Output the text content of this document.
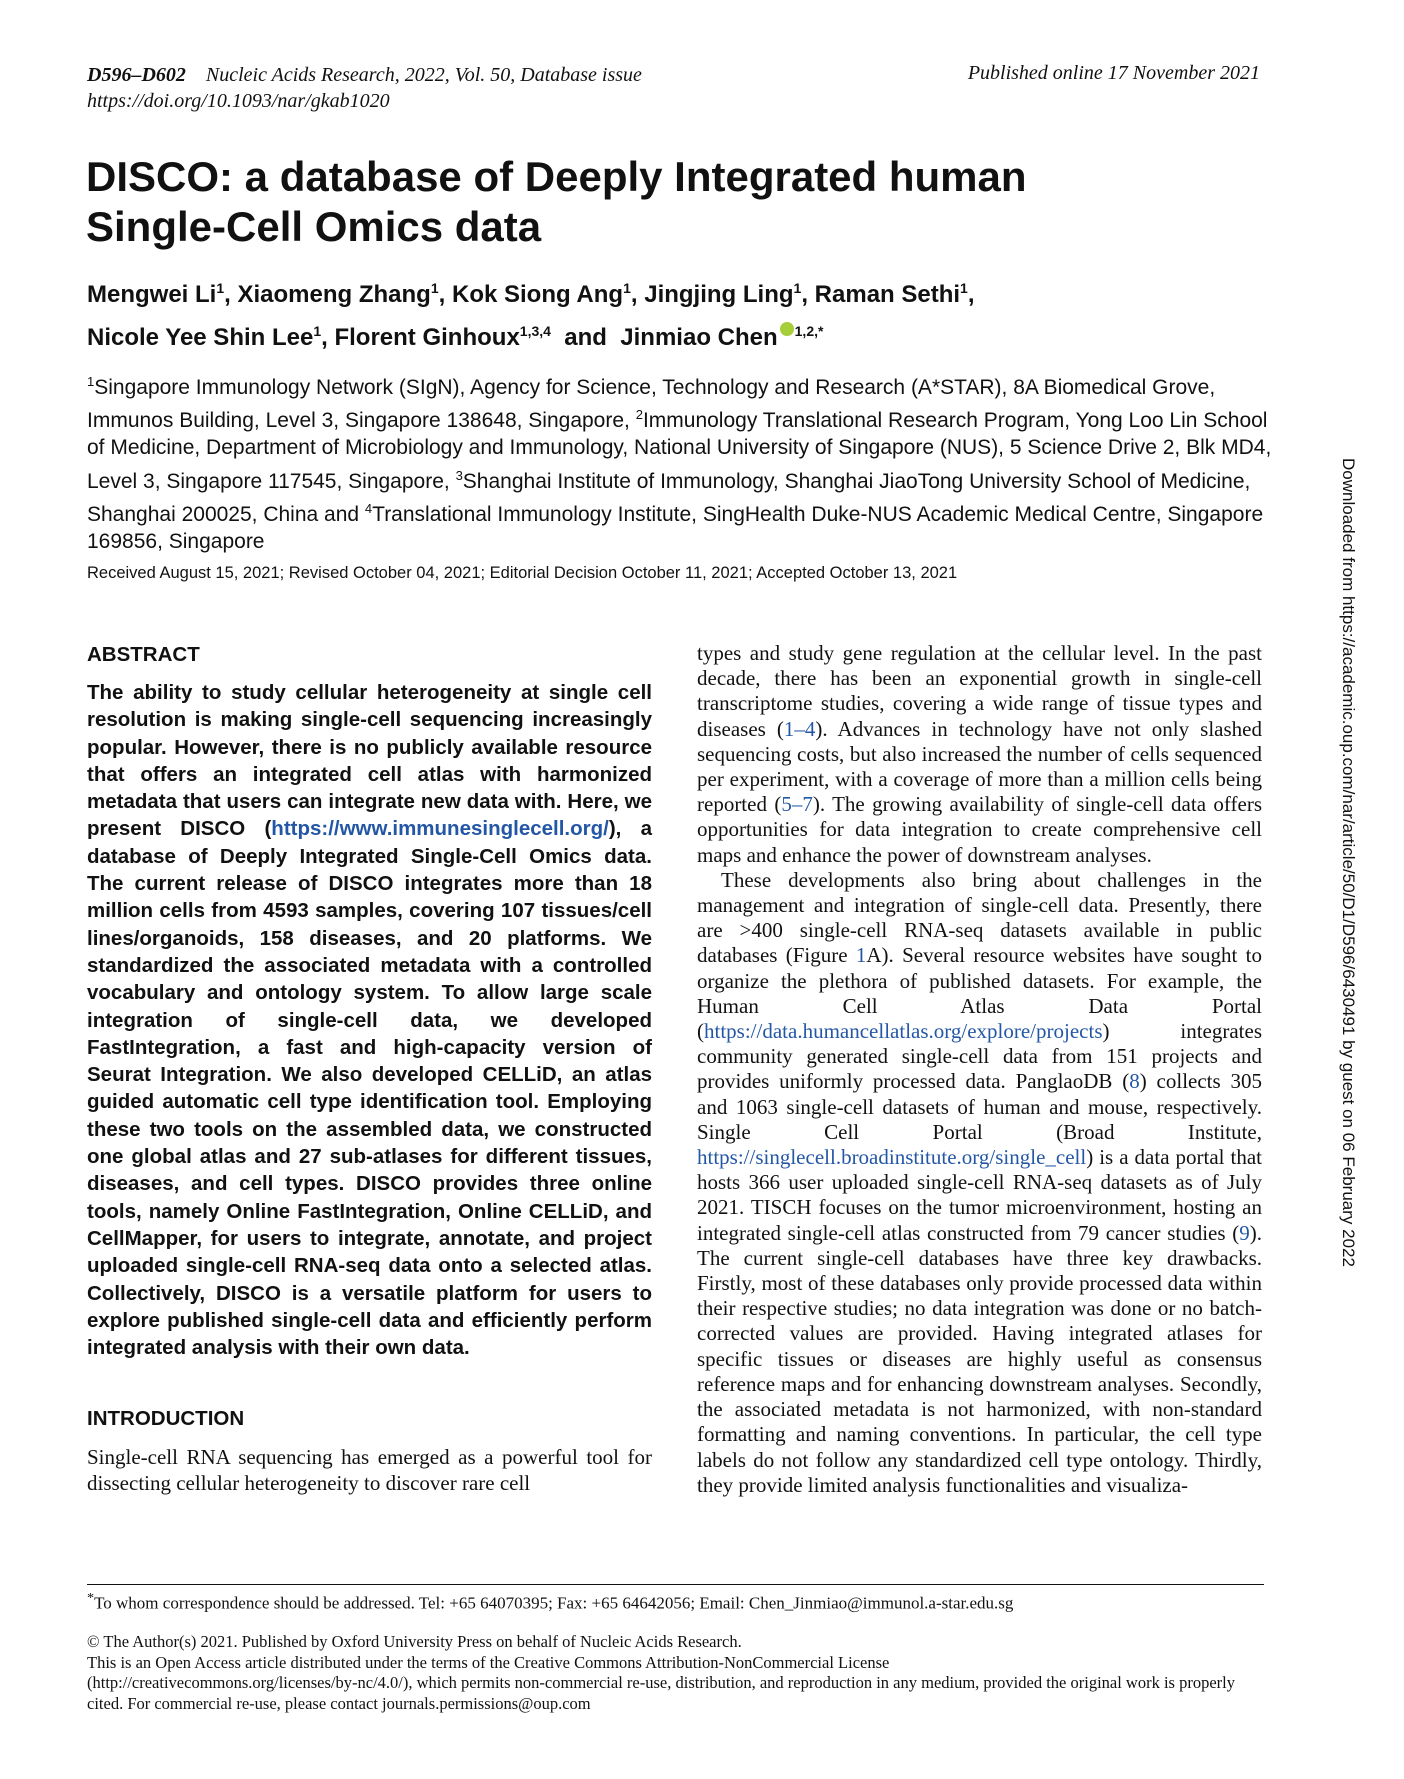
D596–D602 Nucleic Acids Research, 2022, Vol. 50, Database issue
https://doi.org/10.1093/nar/gkab1020
Published online 17 November 2021
DISCO: a database of Deeply Integrated human
Single-Cell Omics data
Mengwei Li$^1$, Xiaomeng Zhang$^1$, Kok Siong Ang$^1$, Jingjing Ling$^1$, Raman Sethi$^1$,
Nicole Yee Shin Lee$^1$, Florent Ginhoux$^{1,3,4}$  and  Jinmiao Chen $^{1,2,*}$
$^1$Singapore Immunology Network (SIgN), Agency for Science, Technology and Research (A*STAR), 8A Biomedical Grove, Immunos Building, Level 3, Singapore 138648, Singapore, $^2$Immunology Translational Research Program, Yong Loo Lin School of Medicine, Department of Microbiology and Immunology, National University of Singapore (NUS), 5 Science Drive 2, Blk MD4, Level 3, Singapore 117545, Singapore, $^3$Shanghai Institute of Immunology, Shanghai JiaoTong University School of Medicine, Shanghai 200025, China and $^4$Translational Immunology Institute, SingHealth Duke-NUS Academic Medical Centre, Singapore 169856, Singapore
Received August 15, 2021; Revised October 04, 2021; Editorial Decision October 11, 2021; Accepted October 13, 2021
ABSTRACT
The ability to study cellular heterogeneity at single cell resolution is making single-cell sequencing increasingly popular. However, there is no publicly available resource that offers an integrated cell atlas with harmonized metadata that users can integrate new data with. Here, we present DISCO (https://www.immunesinglecell.org/), a database of Deeply Integrated Single-Cell Omics data. The current release of DISCO integrates more than 18 million cells from 4593 samples, covering 107 tissues/cell lines/organoids, 158 diseases, and 20 platforms. We standardized the associated metadata with a controlled vocabulary and ontology system. To allow large scale integration of single-cell data, we developed FastIntegration, a fast and high-capacity version of Seurat Integration. We also developed CELLiD, an atlas guided automatic cell type identification tool. Employing these two tools on the assembled data, we constructed one global atlas and 27 sub-atlases for different tissues, diseases, and cell types. DISCO provides three online tools, namely Online FastIntegration, Online CELLiD, and CellMapper, for users to integrate, annotate, and project uploaded single-cell RNA-seq data onto a selected atlas. Collectively, DISCO is a versatile platform for users to explore published single-cell data and efficiently perform integrated analysis with their own data.
INTRODUCTION
Single-cell RNA sequencing has emerged as a powerful tool for dissecting cellular heterogeneity to discover rare cell
types and study gene regulation at the cellular level. In the past decade, there has been an exponential growth in single-cell transcriptome studies, covering a wide range of tissue types and diseases (1–4). Advances in technology have not only slashed sequencing costs, but also increased the number of cells sequenced per experiment, with a coverage of more than a million cells being reported (5–7). The growing availability of single-cell data offers opportunities for data integration to create comprehensive cell maps and enhance the power of downstream analyses.
These developments also bring about challenges in the management and integration of single-cell data. Presently, there are >400 single-cell RNA-seq datasets available in public databases (Figure 1A). Several resource websites have sought to organize the plethora of published datasets. For example, the Human Cell Atlas Data Portal (https://data.humancellatlas.org/explore/projects) integrates community generated single-cell data from 151 projects and provides uniformly processed data. PanglaoDB (8) collects 305 and 1063 single-cell datasets of human and mouse, respectively. Single Cell Portal (Broad Institute, https://singlecell.broadinstitute.org/single_cell) is a data portal that hosts 366 user uploaded single-cell RNA-seq datasets as of July 2021. TISCH focuses on the tumor microenvironment, hosting an integrated single-cell atlas constructed from 79 cancer studies (9). The current single-cell databases have three key drawbacks. Firstly, most of these databases only provide processed data within their respective studies; no data integration was done or no batch-corrected values are provided. Having integrated atlases for specific tissues or diseases are highly useful as consensus reference maps and for enhancing downstream analyses. Secondly, the associated metadata is not harmonized, with non-standard formatting and naming conventions. In particular, the cell type labels do not follow any standardized cell type ontology. Thirdly, they provide limited analysis functionalities and visualiza-
*To whom correspondence should be addressed. Tel: +65 64070395; Fax: +65 64642056; Email: Chen_Jinmiao@immunol.a-star.edu.sg
© The Author(s) 2021. Published by Oxford University Press on behalf of Nucleic Acids Research.
This is an Open Access article distributed under the terms of the Creative Commons Attribution-NonCommercial License
(http://creativecommons.org/licenses/by-nc/4.0/), which permits non-commercial re-use, distribution, and reproduction in any medium, provided the original work is properly cited. For commercial re-use, please contact journals.permissions@oup.com
Downloaded from https://academic.oup.com/nar/article/50/D1/D596/6430491 by guest on 06 February 2022
